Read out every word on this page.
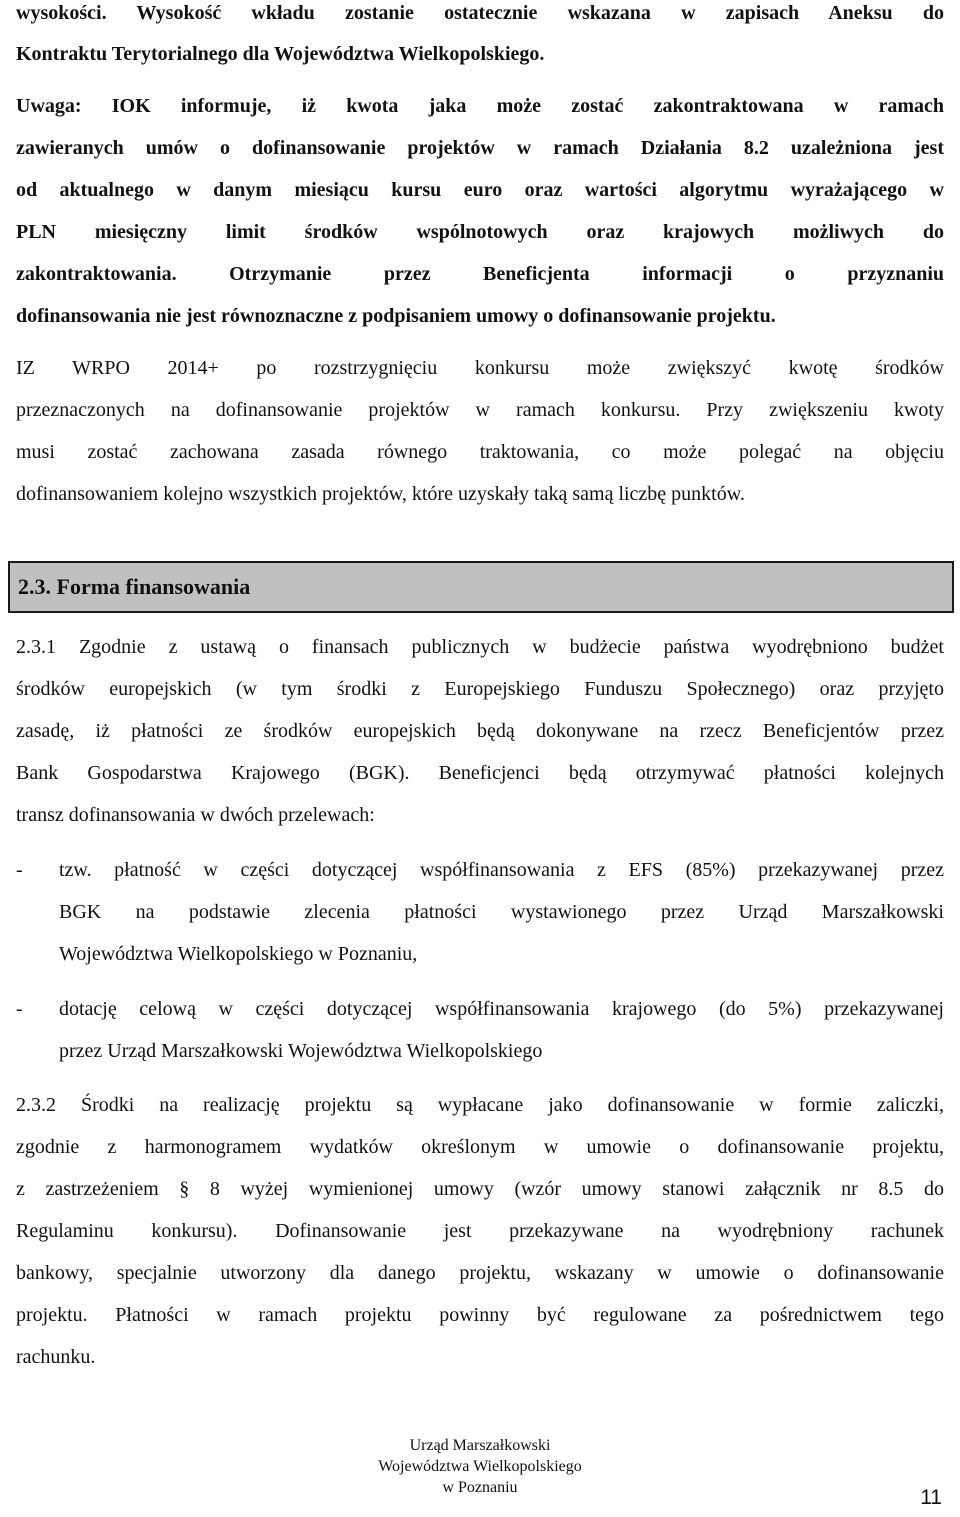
wysokości. Wysokość wkładu zostanie ostatecznie wskazana w zapisach Aneksu do
Kontraktu Terytorialnego dla Województwa Wielkopolskiego.
Uwaga: IOK informuje, iż kwota jaka może zostać zakontraktowana w ramach
zawieranych umów o dofinansowanie projektów w ramach Działania 8.2 uzależniona jest
od aktualnego w danym miesiącu kursu euro oraz wartości algorytmu wyrażającego w
PLN miesięczny limit środków wspólnotowych oraz krajowych możliwych do
zakontraktowania. Otrzymanie przez Beneficjenta informacji o przyznaniu
dofinansowania nie jest równoznaczne z podpisaniem umowy o dofinansowanie projektu.
IZ WRPO 2014+ po rozstrzygnięciu konkursu może zwiększyć kwotę środków
przeznaczonych na dofinansowanie projektów w ramach konkursu. Przy zwiększeniu kwoty
musi zostać zachowana zasada równego traktowania, co może polegać na objęciu
dofinansowaniem kolejno wszystkich projektów, które uzyskały taką samą liczbę punktów.
2.3. Forma finansowania
2.3.1 Zgodnie z ustawą o finansach publicznych w budżecie państwa wyodrębniono budżet
środków europejskich (w tym środki z Europejskiego Funduszu Społecznego) oraz przyjęto
zasadę, iż płatności ze środków europejskich będą dokonywane na rzecz Beneficjentów przez
Bank Gospodarstwa Krajowego (BGK). Beneficjenci będą otrzymywać płatności kolejnych
transz dofinansowania w dwóch przelewach:
- tzw. płatność w części dotyczącej współfinansowania z EFS (85%) przekazywanej przez
BGK na podstawie zlecenia płatności wystawionego przez Urząd Marszałkowski
Województwa Wielkopolskiego w Poznaniu,
- dotację celową w części dotyczącej współfinansowania krajowego (do 5%) przekazywanej
przez Urząd Marszałkowski Województwa Wielkopolskiego
2.3.2 Środki na realizację projektu są wypłacane jako dofinansowanie w formie zaliczki,
zgodnie z harmonogramem wydatków określonym w umowie o dofinansowanie projektu,
z zastrzeżeniem § 8 wyżej wymienionej umowy (wzór umowy stanowi załącznik nr 8.5 do
Regulaminu konkursu). Dofinansowanie jest przekazywane na wyodrębniony rachunek
bankowy, specjalnie utworzony dla danego projektu, wskazany w umowie o dofinansowanie
projektu. Płatności w ramach projektu powinny być regulowane za pośrednictwem tego
rachunku.
Urząd Marszałkowski
Województwa Wielkopolskiego
w Poznaniu	11
